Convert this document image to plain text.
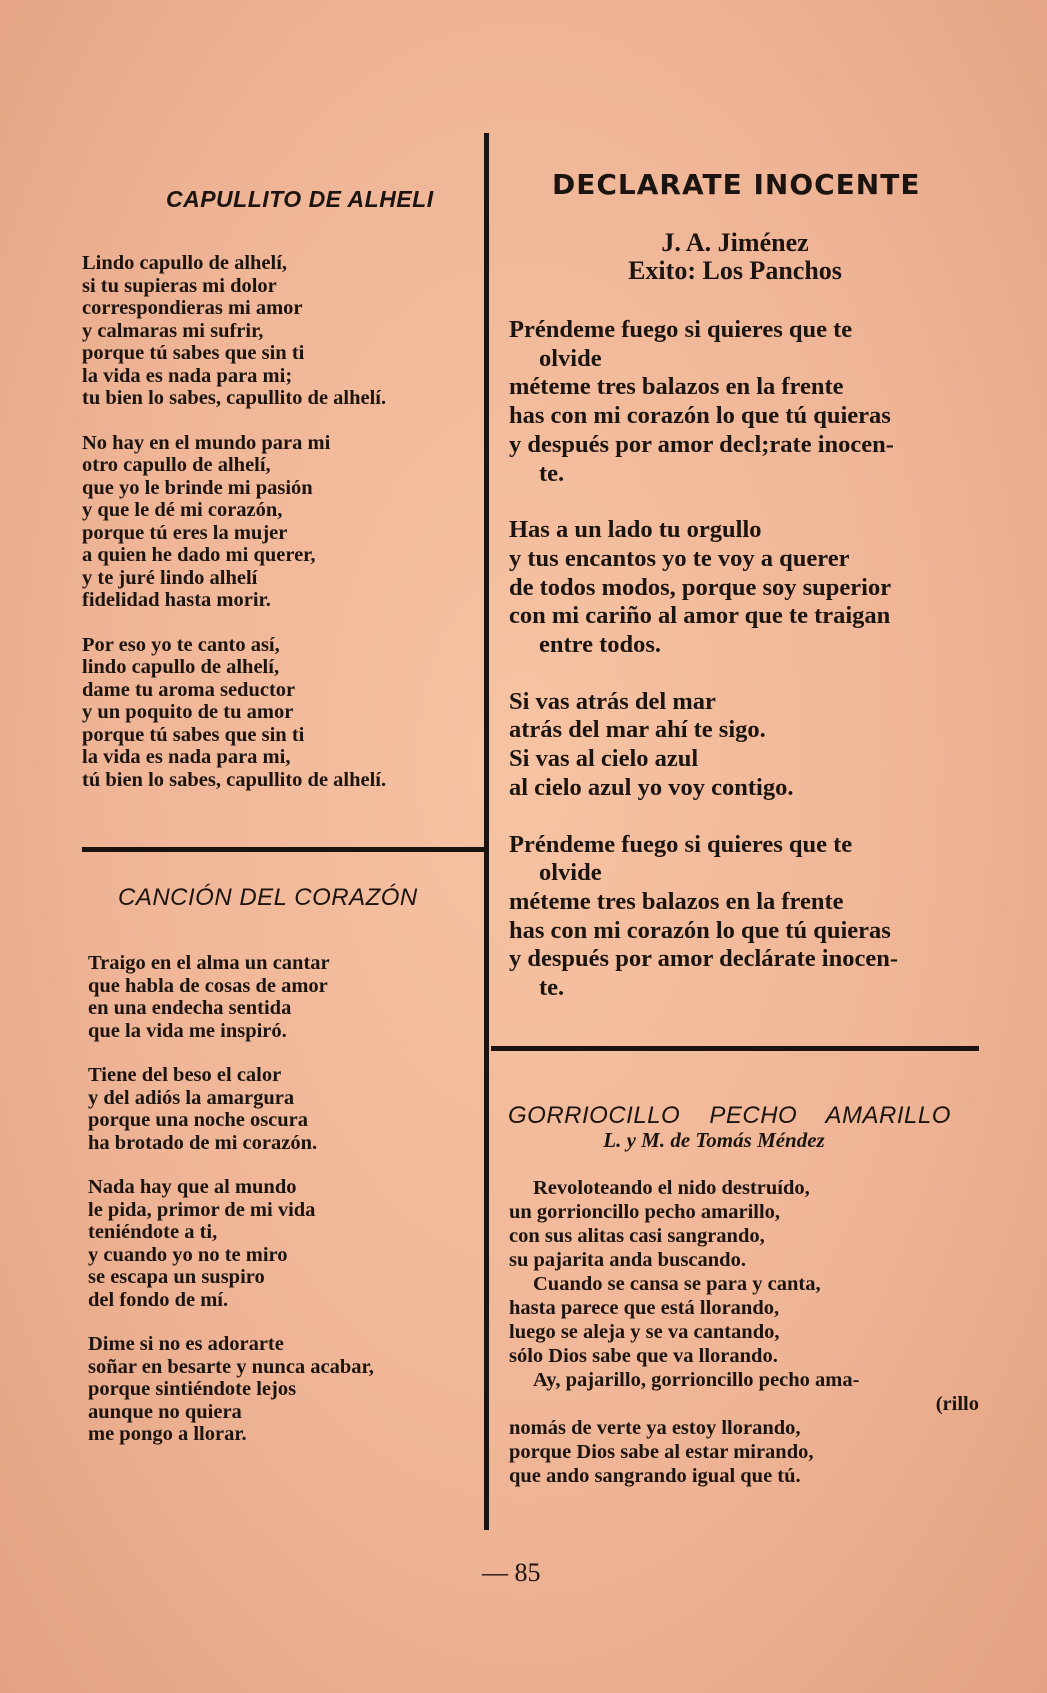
CAPULLITO DE ALHELI
Lindo capullo de alhelí,
si tu supieras mi dolor
correspondieras mi amor
y calmaras mi sufrir,
porque tú sabes que sin ti
la vida es nada para mi;
tu bien lo sabes, capullito de alhelí.
No hay en el mundo para mi
otro capullo de alhelí,
que yo le brinde mi pasión
y que le dé mi corazón,
porque tú eres la mujer
a quien he dado mi querer,
y te juré lindo alhelí
fidelidad hasta morir.
Por eso yo te canto así,
lindo capullo de alhelí,
dame tu aroma seductor
y un poquito de tu amor
porque tú sabes que sin ti
la vida es nada para mi,
tú bien lo sabes, capullito de alhelí.
CANCIÓN DEL CORAZÓN
Traigo en el alma un cantar
que habla de cosas de amor
en una endecha sentida
que la vida me inspiró.
Tiene del beso el calor
y del adiós la amargura
porque una noche oscura
ha brotado de mi corazón.
Nada hay que al mundo
le pida, primor de mi vida
teniéndote a ti,
y cuando yo no te miro
se escapa un suspiro
del fondo de mí.
Dime si no es adorarte
soñar en besarte y nunca acabar,
porque sintiéndote lejos
aunque no quiera
me pongo a llorar.
DECLARATE INOCENTE
J. A. Jiménez
Exito: Los Panchos
Préndeme fuego si quieres que te
olvide
méteme tres balazos en la frente
has con mi corazón lo que tú quieras
y después por amor decl;rate inocen-
te.
Has a un lado tu orgullo
y tus encantos yo te voy a querer
de todos modos, porque soy superior
con mi cariño al amor que te traigan
entre todos.
Si vas atrás del mar
atrás del mar ahí te sigo.
Si vas al cielo azul
al cielo azul yo voy contigo.
Préndeme fuego si quieres que te
olvide
méteme tres balazos en la frente
has con mi corazón lo que tú quieras
y después por amor declárate inocen-
te.
GORRIOCILLO PECHO AMARILLO
L. y M. de Tomás Méndez
Revoloteando el nido destruído,
un gorrioncillo pecho amarillo,
con sus alitas casi sangrando,
su pajarita anda buscando.
Cuando se cansa se para y canta,
hasta parece que está llorando,
luego se aleja y se va cantando,
sólo Dios sabe que va llorando.
Ay, pajarillo, gorrioncillo pecho ama-
(rillo
nomás de verte ya estoy llorando,
porque Dios sabe al estar mirando,
que ando sangrando igual que tú.
— 85
